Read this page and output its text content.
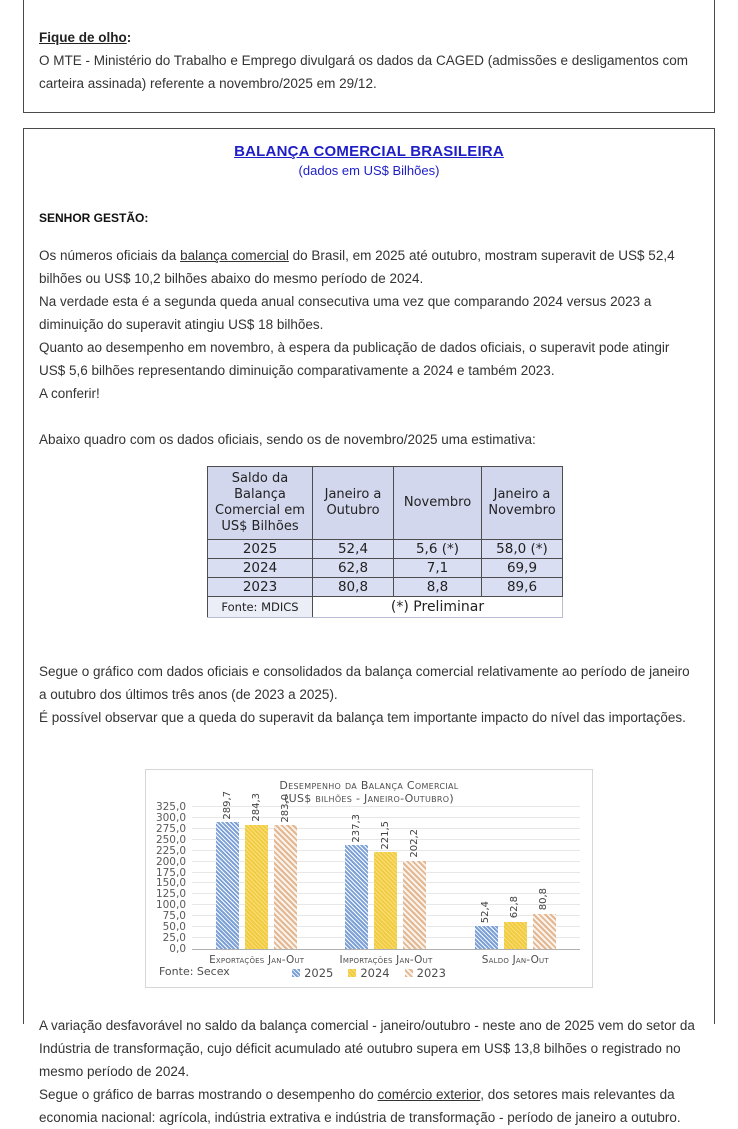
Fique de olho:

O MTE - Ministério do Trabalho e Emprego divulgará os dados da CAGED (admissões e desligamentos com carteira assinada) referente a novembro/2025 em 29/12.

BALANÇA COMERCIAL BRASILEIRA
(dados em US$ Bilhões)
SENHOR GESTÃO:

Os números oficiais da balança comercial do Brasil, em 2025 até outubro, mostram superavit de US$ 52,4 bilhões ou US$ 10,2 bilhões abaixo do mesmo período de 2024.

Na verdade esta é a segunda queda anual consecutiva uma vez que comparando 2024 versus 2023 a diminuição do superavit atingiu US$ 18 bilhões.

Quanto ao desempenho em novembro, à espera da publicação de dados oficiais, o superavit pode atingir US$ 5,6 bilhões representando diminuição comparativamente a 2024 e também 2023.

A conferir!

Abaixo quadro com os dados oficiais, sendo os de novembro/2025 uma estimativa:

Saldo da Balança Comercial em US$ Bilhões	Janeiro a Outubro	Novembro	Janeiro a Novembro
2025	52,4	5,6 (*)	58,0 (*)
2024	62,8	7,1	69,9
2023	80,8	8,8	89,6
Fonte: MDICS	(*) Preliminar		

Segue o gráfico com dados oficiais e consolidados da balança comercial relativamente ao período de janeiro a outubro dos últimos três anos (de 2023 a 2025).

É possível observar que a queda do superavit da balança tem importante impacto do nível das importações.

Desempenho da Balança Comercial
(US$ bilhões - Janeiro-Outubro)
0,0
25,0
50,0
75,0
100,0
125,0
150,0
175,0
200,0
225,0
250,0
275,0
300,0
325,0	289,7 284,3 283,0
237,3 221,5 202,2
52,4 62,8 80,8
Exportações Jan-Out	Importações Jan-Out	Saldo Jan-Out
2025 2024 2023
Fonte: Secex

A variação desfavorável no saldo da balança comercial - janeiro/outubro - neste ano de 2025 vem do setor da Indústria de transformação, cujo déficit acumulado até outubro supera em US$ 13,8 bilhões o registrado no mesmo período de 2024.

Segue o gráfico de barras mostrando o desempenho do comércio exterior, dos setores mais relevantes da economia nacional: agrícola, indústria extrativa e indústria de transformação - período de janeiro a outubro.
